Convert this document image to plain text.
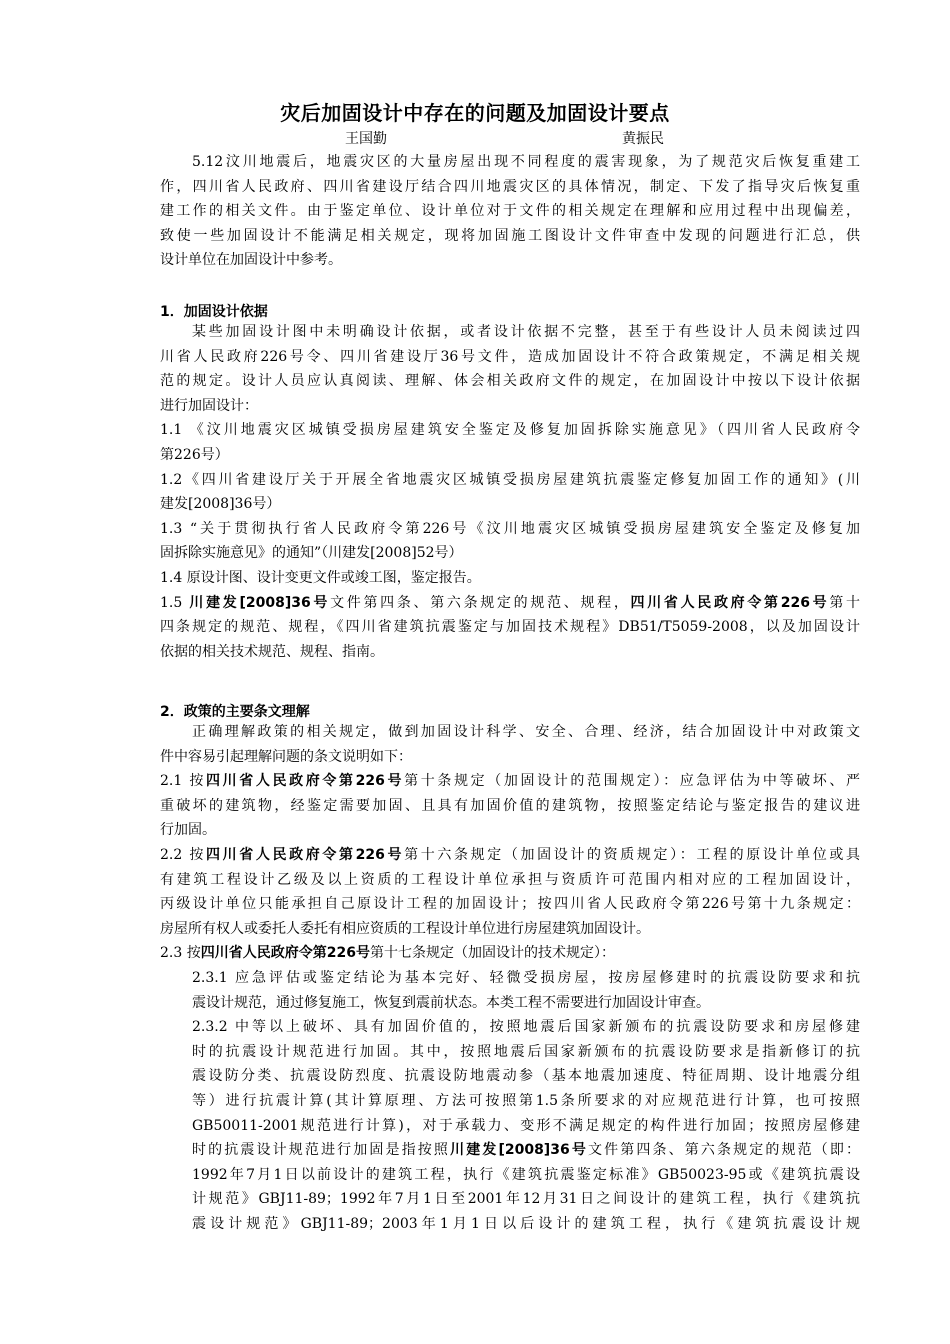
灾后加固设计中存在的问题及加固设计要点
王国勤	黄振民
5.12汶川地震后，地震灾区的大量房屋出现不同程度的震害现象，为了规范灾后恢复重建工
作，四川省人民政府、四川省建设厅结合四川地震灾区的具体情况，制定、下发了指导灾后恢复重
建工作的相关文件。由于鉴定单位、设计单位对于文件的相关规定在理解和应用过程中出现偏差，
致使一些加固设计不能满足相关规定，现将加固施工图设计文件审查中发现的问题进行汇总，供
设计单位在加固设计中参考。
1．加固设计依据
某些加固设计图中未明确设计依据，或者设计依据不完整，甚至于有些设计人员未阅读过四
川省人民政府226号令、四川省建设厅36号文件，造成加固设计不符合政策规定，不满足相关规
范的规定。设计人员应认真阅读、理解、体会相关政府文件的规定，在加固设计中按以下设计依据
进行加固设计：
1.1 《汶川地震灾区城镇受损房屋建筑安全鉴定及修复加固拆除实施意见》（四川省人民政府令
第226号）
1.2《四川省建设厅关于开展全省地震灾区城镇受损房屋建筑抗震鉴定修复加固工作的通知》(川
建发[2008]36号）
1.3 “关于贯彻执行省人民政府令第226号《汶川地震灾区城镇受损房屋建筑安全鉴定及修复加
固拆除实施意见》的通知”（川建发[2008]52号）
1.4 原设计图、设计变更文件或竣工图，鉴定报告。
1.5 川建发[2008]36号文件第四条、第六条规定的规范、规程，四川省人民政府令第226号第十
四条规定的规范、规程，《四川省建筑抗震鉴定与加固技术规程》DB51/T5059-2008，以及加固设计
依据的相关技术规范、规程、指南。
2．政策的主要条文理解
正确理解政策的相关规定，做到加固设计科学、安全、合理、经济，结合加固设计中对政策文
件中容易引起理解问题的条文说明如下：
2.1 按四川省人民政府令第226号第十条规定（加固设计的范围规定）：应急评估为中等破坏、严
重破坏的建筑物，经鉴定需要加固、且具有加固价值的建筑物，按照鉴定结论与鉴定报告的建议进
行加固。
2.2 按四川省人民政府令第226号第十六条规定（加固设计的资质规定）：工程的原设计单位或具
有建筑工程设计乙级及以上资质的工程设计单位承担与资质许可范围内相对应的工程加固设计，
丙级设计单位只能承担自己原设计工程的加固设计；按四川省人民政府令第226号第十九条规定：
房屋所有权人或委托人委托有相应资质的工程设计单位进行房屋建筑加固设计。
2.3 按四川省人民政府令第226号第十七条规定（加固设计的技术规定）：
2.3.1 应急评估或鉴定结论为基本完好、轻微受损房屋，按房屋修建时的抗震设防要求和抗
震设计规范，通过修复施工，恢复到震前状态。本类工程不需要进行加固设计审查。
2.3.2 中等以上破坏、具有加固价值的，按照地震后国家新颁布的抗震设防要求和房屋修建
时的抗震设计规范进行加固。其中，按照地震后国家新颁布的抗震设防要求是指新修订的抗
震设防分类、抗震设防烈度、抗震设防地震动参（基本地震加速度、特征周期、设计地震分组
等）进行抗震计算(其计算原理、方法可按照第1.5条所要求的对应规范进行计算，也可按照
GB50011-2001规范进行计算)，对于承载力、变形不满足规定的构件进行加固；按照房屋修建
时的抗震设计规范进行加固是指按照川建发[2008]36号文件第四条、第六条规定的规范（即：
1992年7月1日以前设计的建筑工程，执行《建筑抗震鉴定标准》GB50023-95或《建筑抗震设
计规范》GBJ11-89；1992年7月1日至2001年12月31日之间设计的建筑工程，执行《建筑抗
震设计规范》GBJ11-89；2003年1月1日以后设计的建筑工程，执行《建筑抗震设计规
